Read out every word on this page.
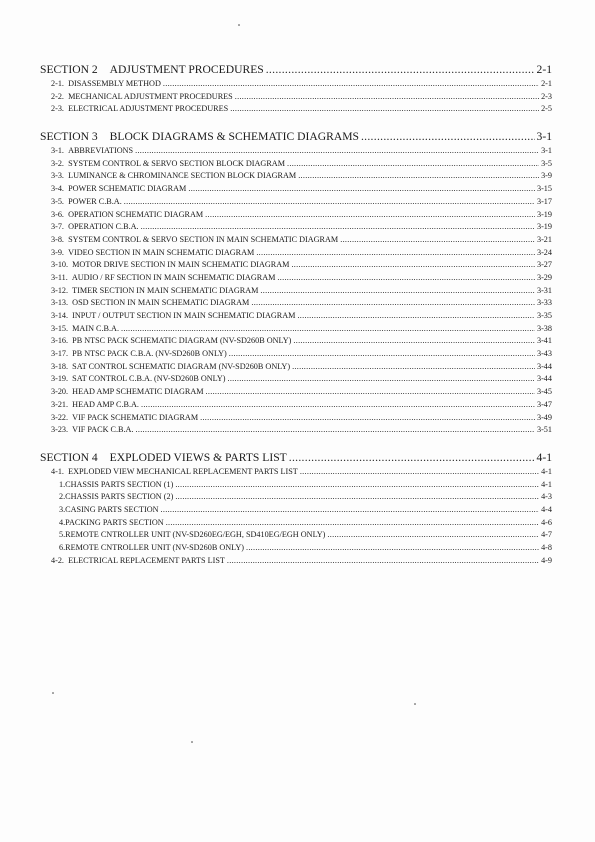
SECTION 2 ADJUSTMENT PROCEDURES .....	2-1
2-1. DISASSEMBLY METHOD .....	2-1
2-2. MECHANICAL ADJUSTMENT PROCEDURES .....	2-3
2-3. ELECTRICAL ADJUSTMENT PROCEDURES .....	2-5
SECTION 3 BLOCK DIAGRAMS & SCHEMATIC DIAGRAMS .....	3-1
3-1. ABBREVIATIONS .....	3-1
3-2. SYSTEM CONTROL & SERVO SECTION BLOCK DIAGRAM .....	3-5
3-3. LUMINANCE & CHROMINANCE SECTION BLOCK DIAGRAM .....	3-9
3-4. POWER SCHEMATIC DIAGRAM .....	3-15
3-5. POWER C.B.A. .....	3-17
3-6. OPERATION SCHEMATIC DIAGRAM .....	3-19
3-7. OPERATION C.B.A. .....	3-19
3-8. SYSTEM CONTROL & SERVO SECTION IN MAIN SCHEMATIC DIAGRAM .....	3-21
3-9. VIDEO SECTION IN MAIN SCHEMATIC DIAGRAM .....	3-24
3-10. MOTOR DRIVE SECTION IN MAIN SCHEMATIC DIAGRAM .....	3-27
3-11. AUDIO / RF SECTION IN MAIN SCHEMATIC DIAGRAM .....	3-29
3-12. TIMER SECTION IN MAIN SCHEMATIC DIAGRAM .....	3-31
3-13. OSD SECTION IN MAIN SCHEMATIC DIAGRAM .....	3-33
3-14. INPUT / OUTPUT SECTION IN MAIN SCHEMATIC DIAGRAM .....	3-35
3-15. MAIN C.B.A. .....	3-38
3-16. PB NTSC PACK SCHEMATIC DIAGRAM (NV-SD260B ONLY) .....	3-41
3-17. PB NTSC PACK C.B.A. (NV-SD260B ONLY) .....	3-43
3-18. SAT CONTROL SCHEMATIC DIAGRAM (NV-SD260B ONLY) .....	3-44
3-19. SAT CONTROL C.B.A. (NV-SD260B ONLY) .....	3-44
3-20. HEAD AMP SCHEMATIC DIAGRAM .....	3-45
3-21. HEAD AMP C.B.A. .....	3-47
3-22. VIF PACK SCHEMATIC DIAGRAM .....	3-49
3-23. VIF PACK C.B.A. .....	3-51
SECTION 4 EXPLODED VIEWS & PARTS LIST .....	4-1
4-1. EXPLODED VIEW MECHANICAL REPLACEMENT PARTS LIST .....	4-1
1.CHASSIS PARTS SECTION (1) .....	4-1
2.CHASSIS PARTS SECTION (2) .....	4-3
3.CASING PARTS SECTION .....	4-4
4.PACKING PARTS SECTION .....	4-6
5.REMOTE CNTROLLER UNIT (NV-SD260EG/EGH, SD410EG/EGH ONLY) .....	4-7
6.REMOTE CNTROLLER UNIT (NV-SD260B ONLY) .....	4-8
4-2. ELECTRICAL REPLACEMENT PARTS LIST .....	4-9
